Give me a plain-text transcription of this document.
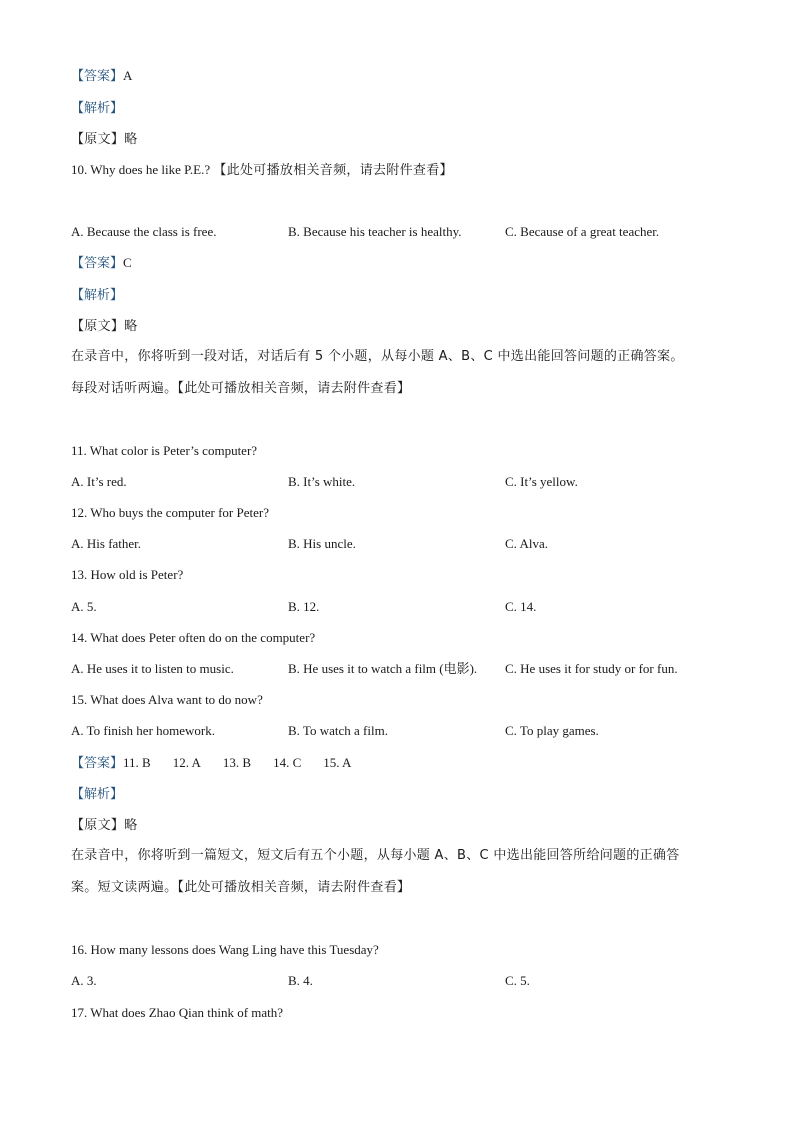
【答案】A
【解析】
【原文】略
10. Why does he like P.E.? 【此处可播放相关音频，请去附件查看】
A. Because the class is free.	B. Because his teacher is healthy.	C. Because of a great teacher.
【答案】C
【解析】
【原文】略
在录音中，你将听到一段对话，对话后有 5 个小题，从每小题 A、B、C 中选出能回答问题的正确答案。
每段对话听两遍。【此处可播放相关音频，请去附件查看】
11. What color is Peter’s computer?
A. It’s red.	B. It’s white.	C. It’s yellow.
12. Who buys the computer for Peter?
A. His father.	B. His uncle.	C. Alva.
13. How old is Peter?
A. 5.	B. 12.	C. 14.
14. What does Peter often do on the computer?
A. He uses it to listen to music.	B. He uses it to watch a film (电影). C. He uses it for study or for fun.
15. What does Alva want to do now?
A. To finish her homework.	B. To watch a film.	C. To play games.
【答案】11. B 12. A 13. B 14. C 15. A
【解析】
【原文】略
在录音中，你将听到一篇短文，短文后有五个小题，从每小题 A、B、C 中选出能回答所给问题的正确答
案。短文读两遍。【此处可播放相关音频，请去附件查看】
16. How many lessons does Wang Ling have this Tuesday?
A. 3.	B. 4.	C. 5.
17. What does Zhao Qian think of math?
